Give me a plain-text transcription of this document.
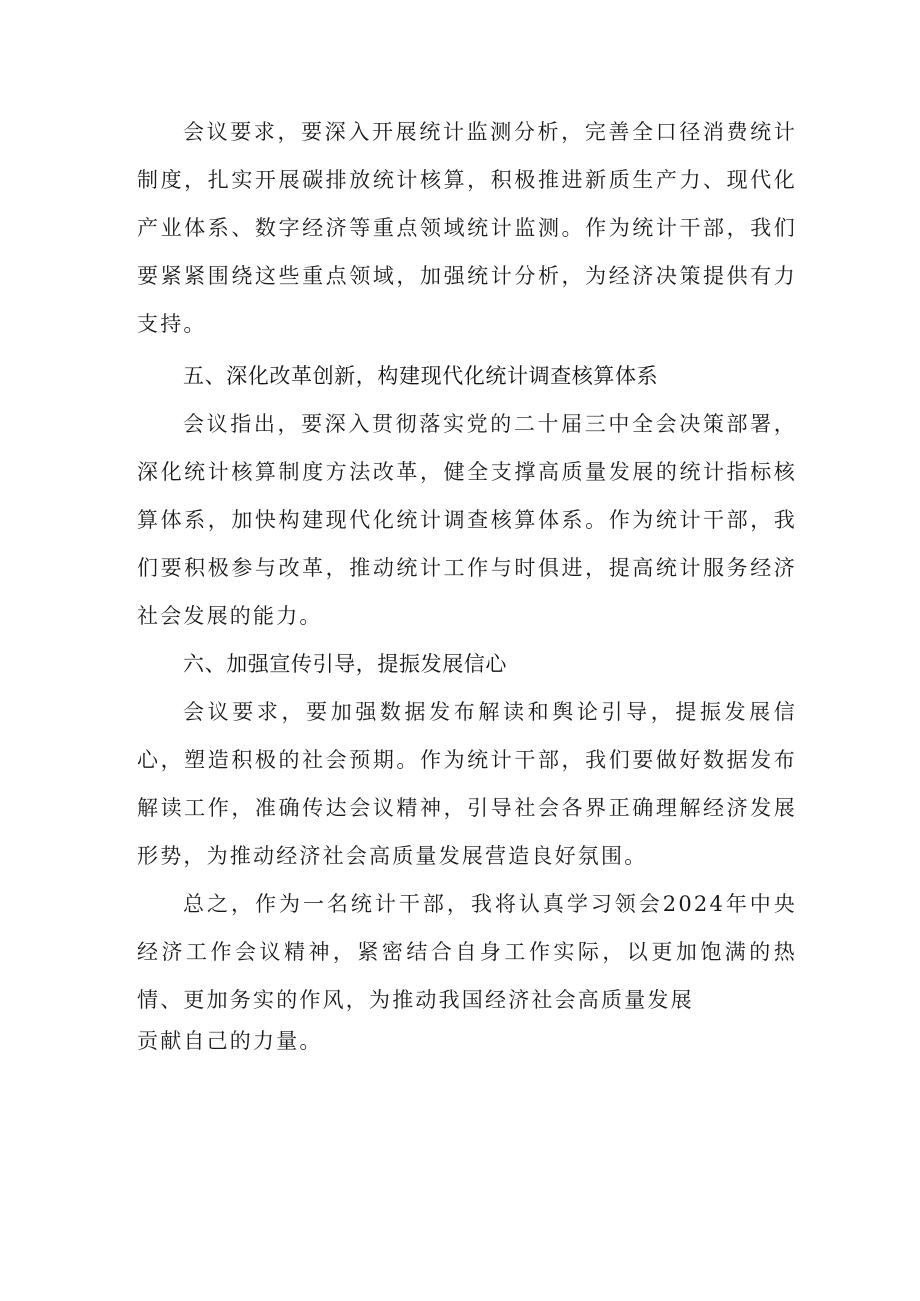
会议要求，要深入开展统计监测分析，完善全口径消费统计制度，扎实开展碳排放统计核算，积极推进新质生产力、现代化产业体系、数字经济等重点领域统计监测。作为统计干部，我们要紧紧围绕这些重点领域，加强统计分析，为经济决策提供有力支持。

五、深化改革创新，构建现代化统计调查核算体系

会议指出，要深入贯彻落实党的二十届三中全会决策部署，深化统计核算制度方法改革，健全支撑高质量发展的统计指标核算体系，加快构建现代化统计调查核算体系。作为统计干部，我们要积极参与改革，推动统计工作与时俱进，提高统计服务经济社会发展的能力。

六、加强宣传引导，提振发展信心

会议要求，要加强数据发布解读和舆论引导，提振发展信心，塑造积极的社会预期。作为统计干部，我们要做好数据发布解读工作，准确传达会议精神，引导社会各界正确理解经济发展形势，为推动经济社会高质量发展营造良好氛围。

总之，作为一名统计干部，我将认真学习领会2024年中央经济工作会议精神，紧密结合自身工作实际，以更加饱满的热情、更加务实的作风，为推动我国经济社会高质量发展

贡献自己的力量。
